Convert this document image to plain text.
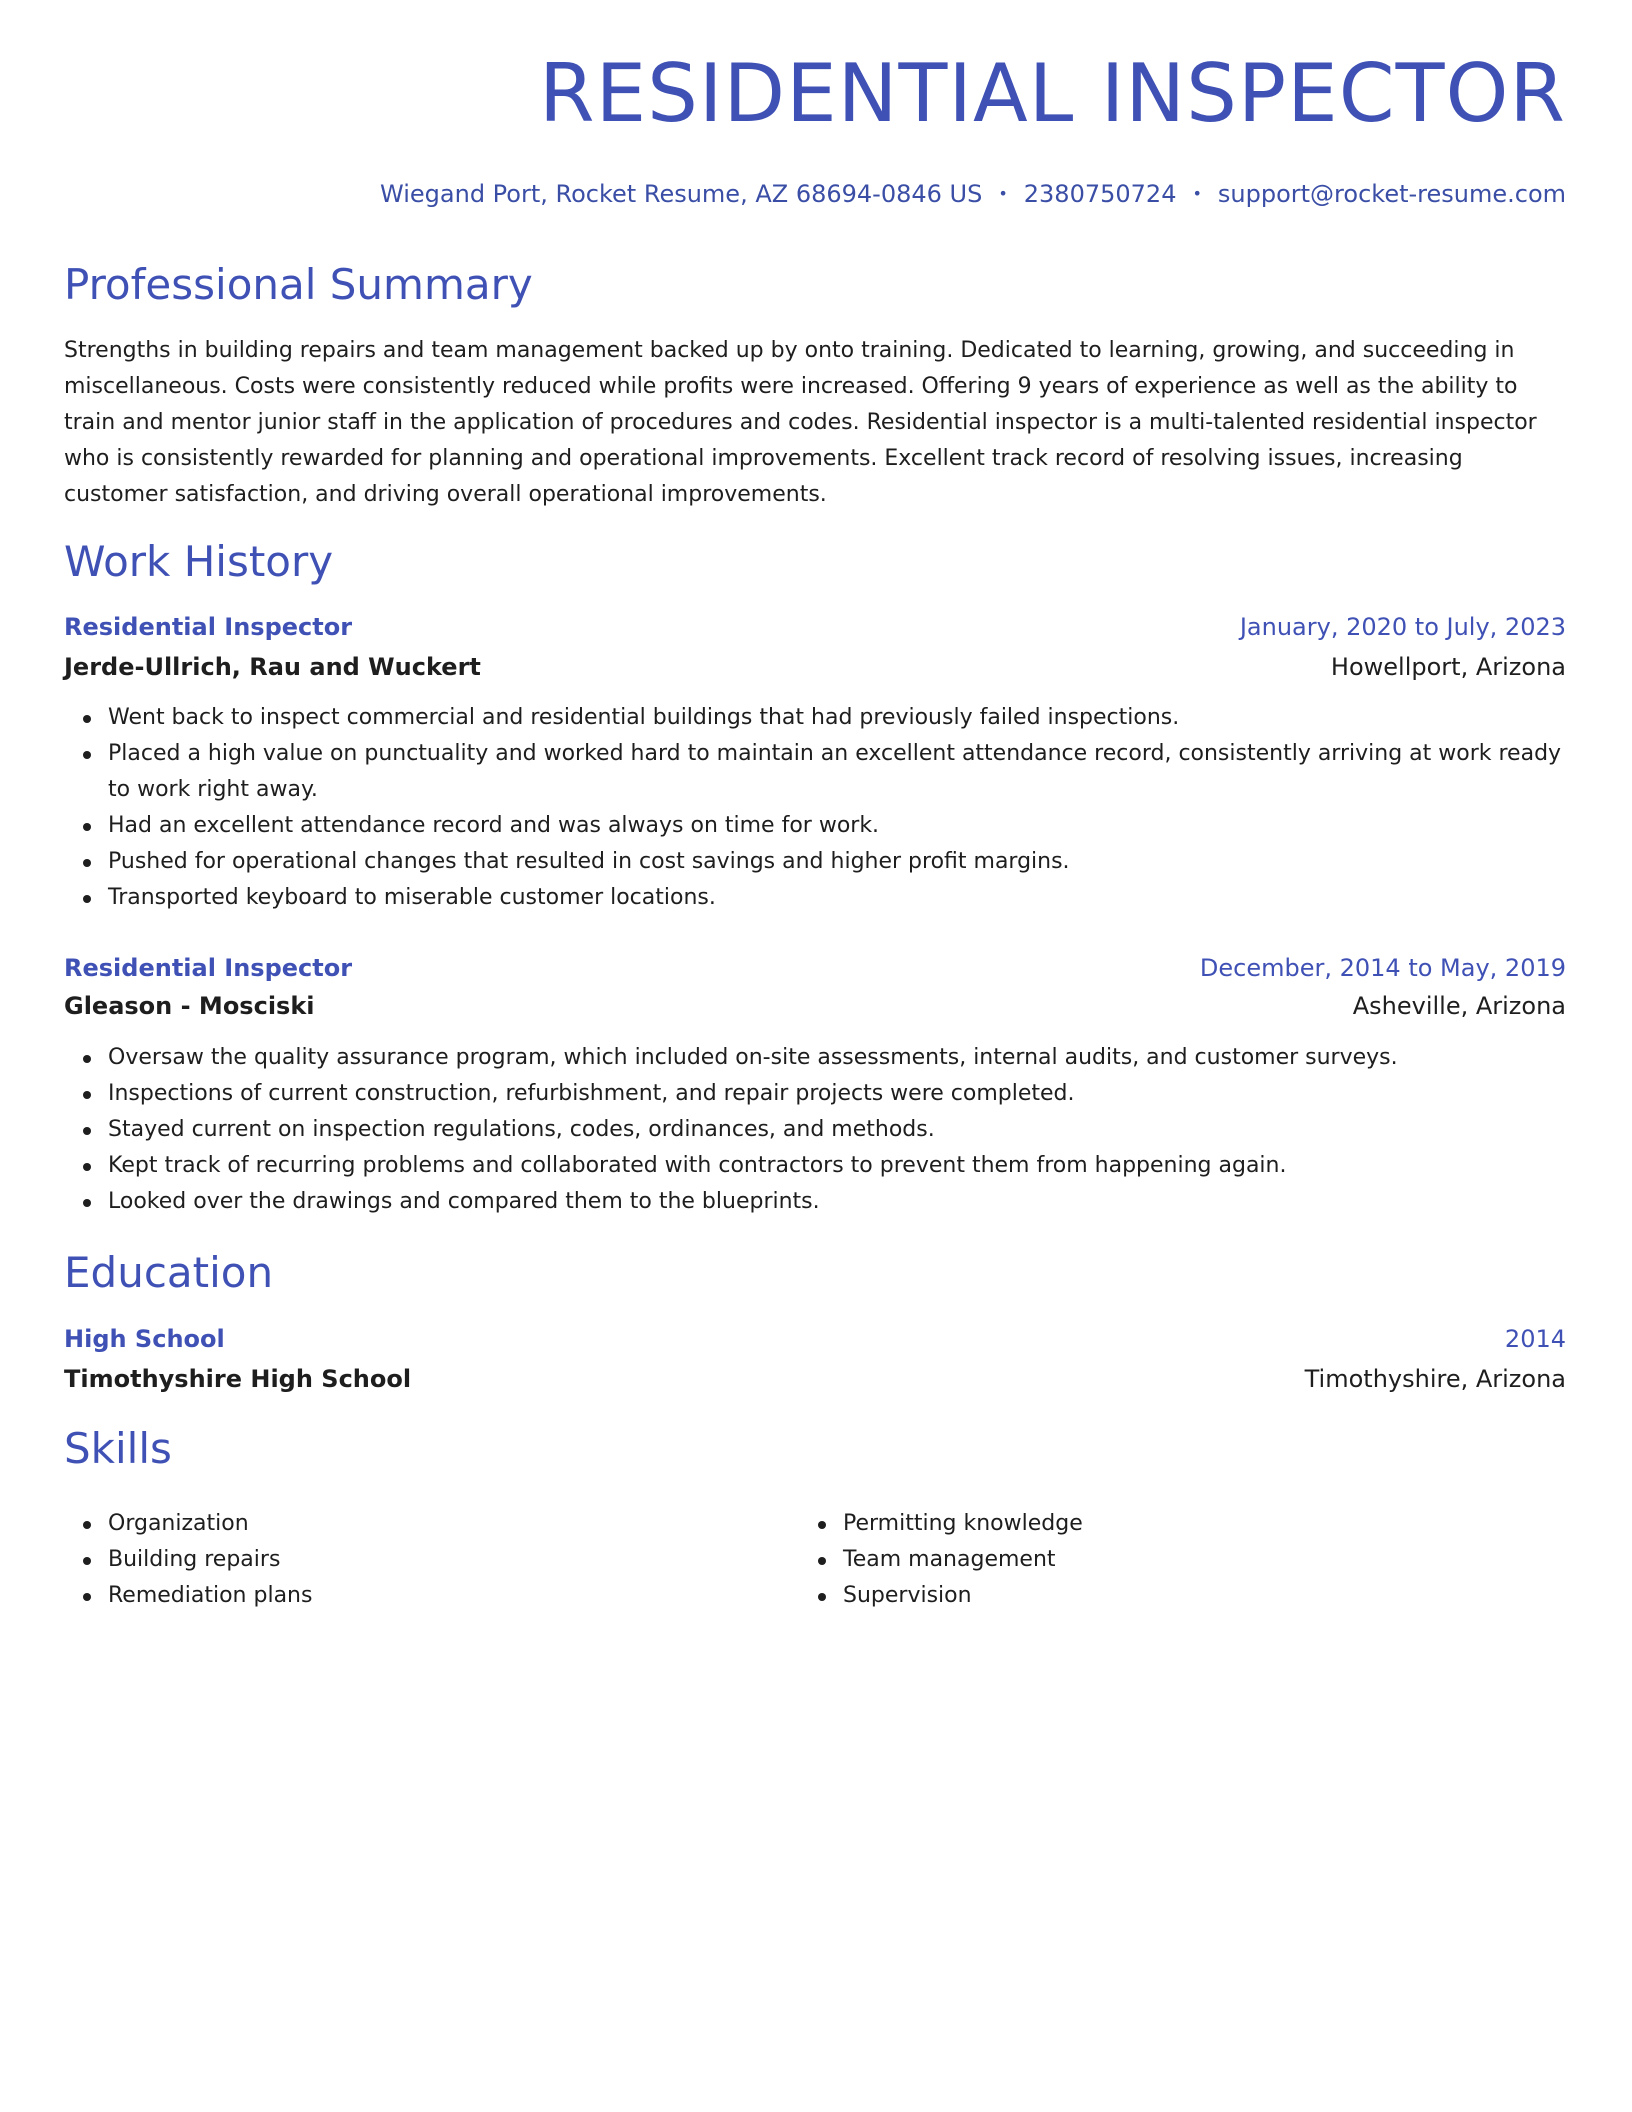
RESIDENTIAL INSPECTOR
Wiegand Port, Rocket Resume, AZ 68694-0846 US • 2380750724 • support@rocket-resume.com
Professional Summary

Strengths in building repairs and team management backed up by onto training. Dedicated to learning, growing, and succeeding in miscellaneous. Costs were consistently reduced while profits were increased. Offering 9 years of experience as well as the ability to train and mentor junior staff in the application of procedures and codes. Residential inspector is a multi-talented residential inspector who is consistently rewarded for planning and operational improvements. Excellent track record of resolving issues, increasing customer satisfaction, and driving overall operational improvements.

Work History
Residential Inspector	January, 2020 to July, 2023
Jerde-Ullrich, Rau and Wuckert	Howellport, Arizona
Went back to inspect commercial and residential buildings that had previously failed inspections.
Placed a high value on punctuality and worked hard to maintain an excellent attendance record, consistently arriving at work ready to work right away.
Had an excellent attendance record and was always on time for work.
Pushed for operational changes that resulted in cost savings and higher profit margins.
Transported keyboard to miserable customer locations.
Residential Inspector	December, 2014 to May, 2019
Gleason - Mosciski	Asheville, Arizona
Oversaw the quality assurance program, which included on-site assessments, internal audits, and customer surveys.
Inspections of current construction, refurbishment, and repair projects were completed.
Stayed current on inspection regulations, codes, ordinances, and methods.
Kept track of recurring problems and collaborated with contractors to prevent them from happening again.
Looked over the drawings and compared them to the blueprints.
Education
High School	2014
Timothyshire High School	Timothyshire, Arizona
Skills
Organization
Building repairs
Remediation plans
Permitting knowledge
Team management
Supervision
